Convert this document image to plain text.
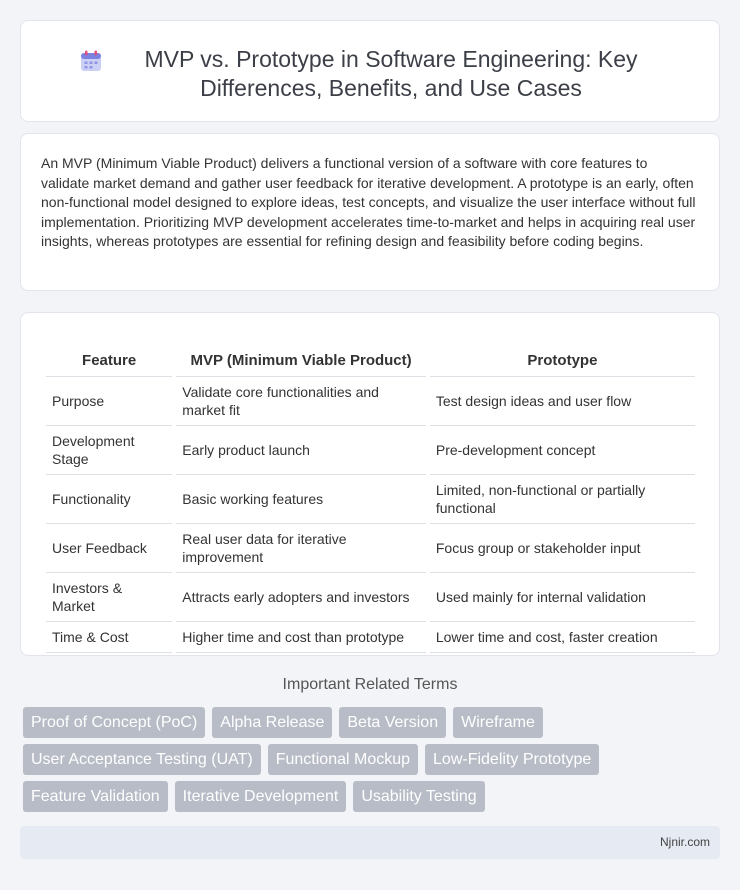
MVP vs. Prototype in Software Engineering: Key Differences, Benefits, and Use Cases

An MVP (Minimum Viable Product) delivers a functional version of a software with core features to validate market demand and gather user feedback for iterative development. A prototype is an early, often non-functional model designed to explore ideas, test concepts, and visualize the user interface without full implementation. Prioritizing MVP development accelerates time-to-market and helps in acquiring real user insights, whereas prototypes are essential for refining design and feasibility before coding begins.

Feature	MVP (Minimum Viable Product)	Prototype
Purpose	Validate core functionalities and market fit	Test design ideas and user flow
Development Stage	Early product launch	Pre-development concept
Functionality	Basic working features	Limited, non-functional or partially functional
User Feedback	Real user data for iterative improvement	Focus group or stakeholder input
Investors & Market	Attracts early adopters and investors	Used mainly for internal validation
Time & Cost	Higher time and cost than prototype	Lower time and cost, faster creation
Important Related Terms
Proof of Concept (PoC)	Alpha Release	Beta Version	Wireframe
User Acceptance Testing (UAT)	Functional Mockup	Low-Fidelity Prototype
Feature Validation	Iterative Development	Usability Testing
Njnir.com
